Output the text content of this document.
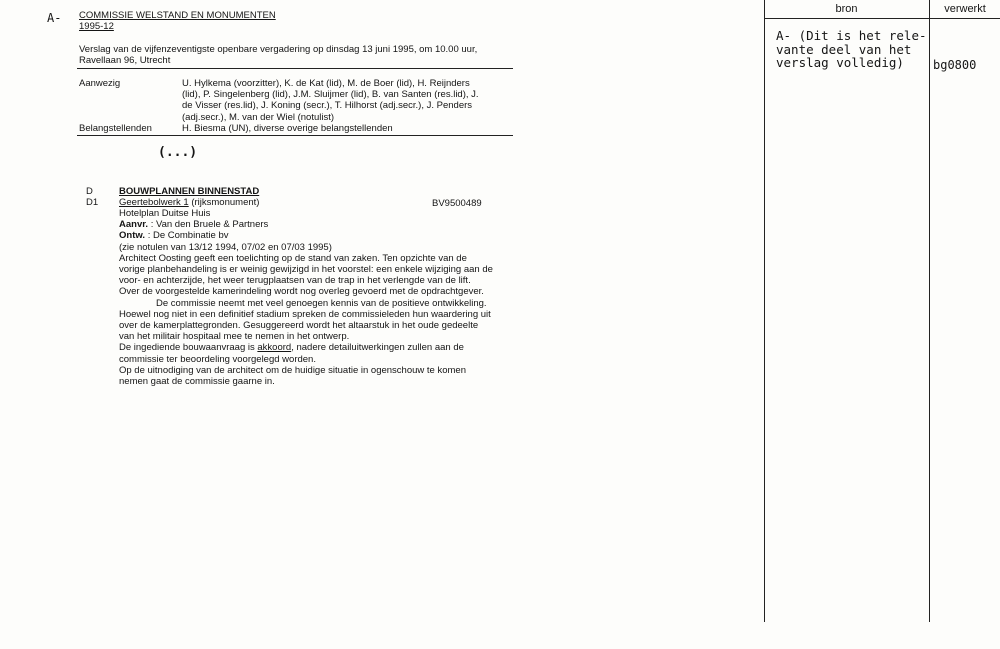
A- COMMISSIE WELSTAND EN MONUMENTEN
1995-12
Verslag van de vijfenzeventigste openbare vergadering op dinsdag 13 juni 1995, om 10.00 uur,
Ravellaan 96, Utrecht
Aanwezig	U. Hylkema (voorzitter), K. de Kat (lid), M. de Boer (lid), H. Reijnders
(lid), P. Singelenberg (lid), J.M. Sluijmer (lid), B. van Santen (res.lid), J.
de Visser (res.lid), J. Koning (secr.), T. Hilhorst (adj.secr.), J. Penders
(adj.secr.), M. van der Wiel (notulist)
Belangstellenden	H. Biesma (UN), diverse overige belangstellenden
(...)
D	BOUWPLANNEN BINNENSTAD
D1 Geertebolwerk 1 (rijksmonument)	BV9500489
Hotelplan Duitse Huis
Aanvr. : Van den Bruele & Partners
Ontw. : De Combinatie bv
(zie notulen van 13/12 1994, 07/02 en 07/03 1995)
Architect Oosting geeft een toelichting op de stand van zaken. Ten opzichte van de
vorige planbehandeling is er weinig gewijzigd in het voorstel: een enkele wijziging aan de
voor- en achterzijde, het weer terugplaatsen van de trap in het verlengde van de lift.
Over de voorgestelde kamerindeling wordt nog overleg gevoerd met de opdrachtgever.
De commissie neemt met veel genoegen kennis van de positieve ontwikkeling.
Hoewel nog niet in een definitief stadium spreken de commissieleden hun waardering uit
over de kamerplattegronden. Gesuggereerd wordt het altaarstuk in het oude gedeelte
van het militair hospitaal mee te nemen in het ontwerp.
De ingediende bouwaanvraag is akkoord, nadere detailuitwerkingen zullen aan de
commissie ter beoordeling voorgelegd worden.
Op de uitnodiging van de architect om de huidige situatie in ogenschouw te komen
nemen gaat de commissie gaarne in.
bron	verwerkt
A- (Dit is het rele-
vante deel van het
verslag volledig)	bg0800
